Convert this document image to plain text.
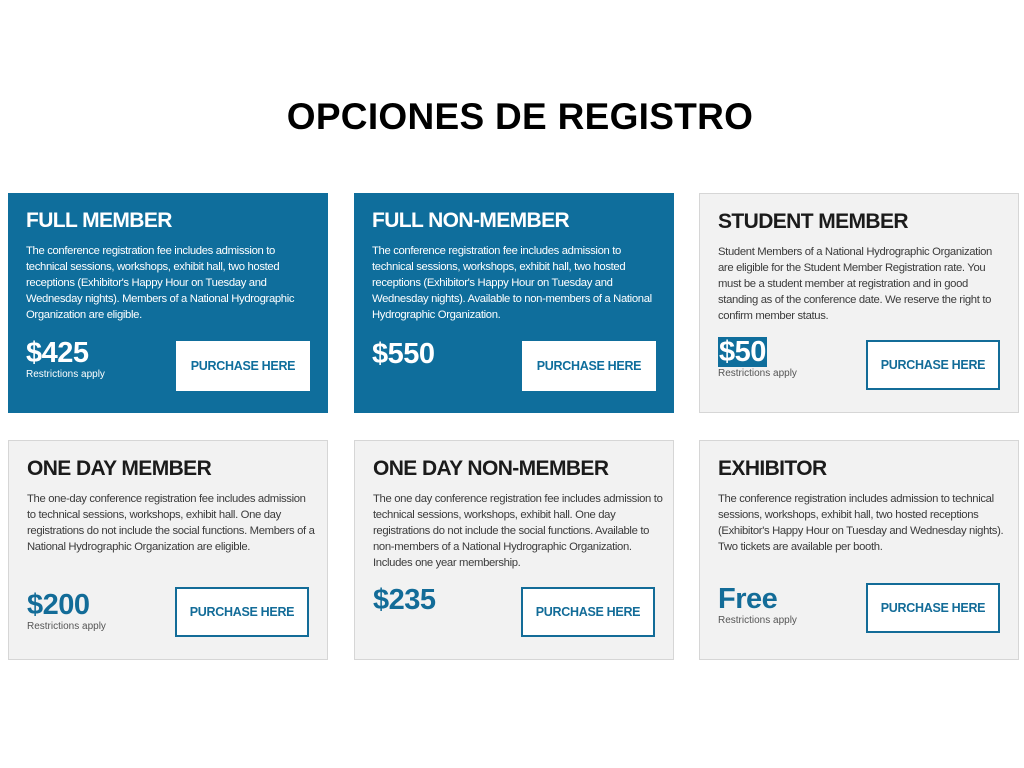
OPCIONES DE REGISTRO
FULL MEMBER

The conference registration fee includes admission to technical sessions, workshops, exhibit hall, two hosted receptions (Exhibitor's Happy Hour on Tuesday and Wednesday nights). Members of a National Hydrographic Organization are eligible.

$425
Restrictions apply
PURCHASE HERE
FULL NON-MEMBER

The conference registration fee includes admission to technical sessions, workshops, exhibit hall, two hosted receptions (Exhibitor's Happy Hour on Tuesday and Wednesday nights). Available to non-members of a National Hydrographic Organization.

$550	PURCHASE HERE
STUDENT MEMBER

Student Members of a National Hydrographic Organization are eligible for the Student Member Registration rate. You must be a student member at registration and in good standing as of the conference date. We reserve the right to confirm member status.

$50
Restrictions apply
PURCHASE HERE
ONE DAY MEMBER

The one-day conference registration fee includes admission to technical sessions, workshops, exhibit hall. One day registrations do not include the social functions. Members of a National Hydrographic Organization are eligible.

$200
Restrictions apply
PURCHASE HERE
ONE DAY NON-MEMBER

The one day conference registration fee includes admission to technical sessions, workshops, exhibit hall. One day registrations do not include the social functions. Available to non-members of a National Hydrographic Organization. Includes one year membership.

$235	PURCHASE HERE
EXHIBITOR

The conference registration includes admission to technical sessions, workshops, exhibit hall, two hosted receptions (Exhibitor's Happy Hour on Tuesday and Wednesday nights). Two tickets are available per booth.

Free
Restrictions apply
PURCHASE HERE
